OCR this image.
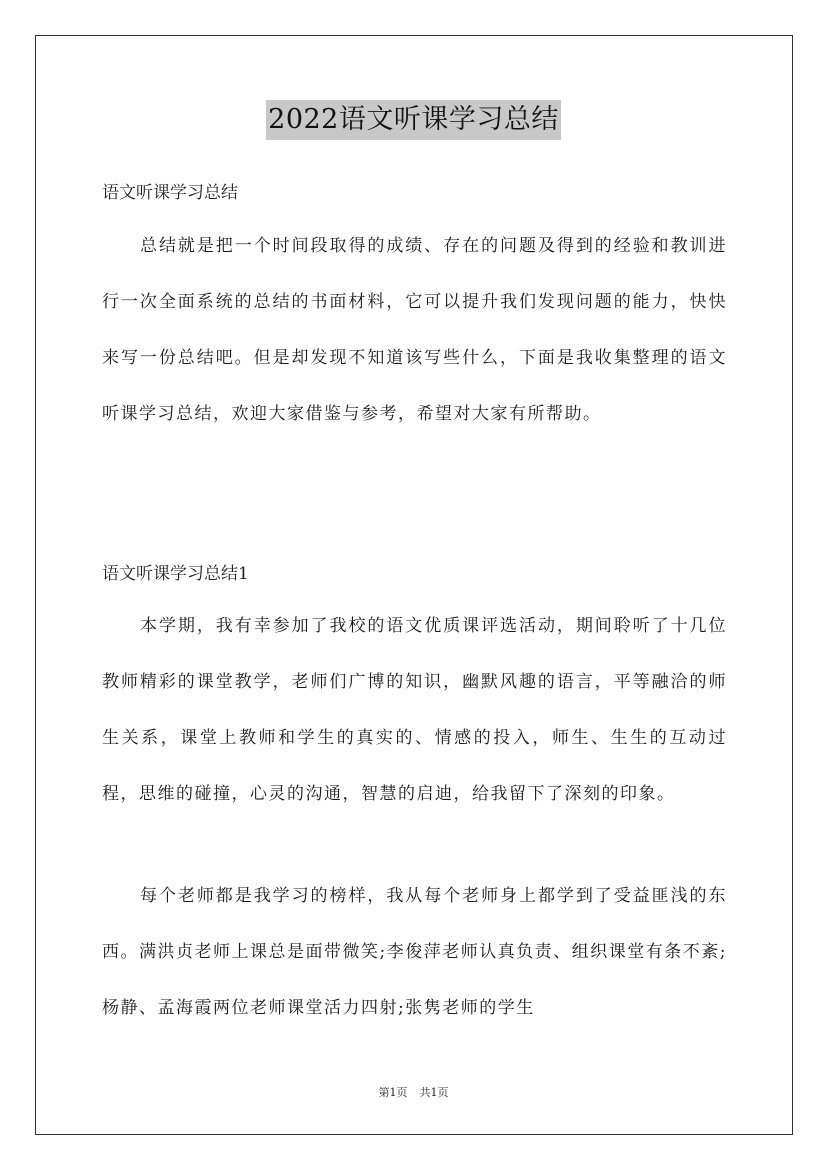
2022语文听课学习总结
语文听课学习总结

总结就是把一个时间段取得的成绩、存在的问题及得到的经验和教训进行一次全面系统的总结的书面材料，它可以提升我们发现问题的能力，快快来写一份总结吧。但是却发现不知道该写些什么，下面是我收集整理的语文听课学习总结，欢迎大家借鉴与参考，希望对大家有所帮助。

语文听课学习总结1

本学期，我有幸参加了我校的语文优质课评选活动，期间聆听了十几位教师精彩的课堂教学，老师们广博的知识，幽默风趣的语言，平等融洽的师生关系，课堂上教师和学生的真实的、情感的投入，师生、生生的互动过程，思维的碰撞，心灵的沟通，智慧的启迪，给我留下了深刻的印象。

每个老师都是我学习的榜样，我从每个老师身上都学到了受益匪浅的东西。满洪贞老师上课总是面带微笑;李俊萍老师认真负责、组织课堂有条不紊;杨静、孟海霞两位老师课堂活力四射;张隽老师的学生

第1页 共1页
